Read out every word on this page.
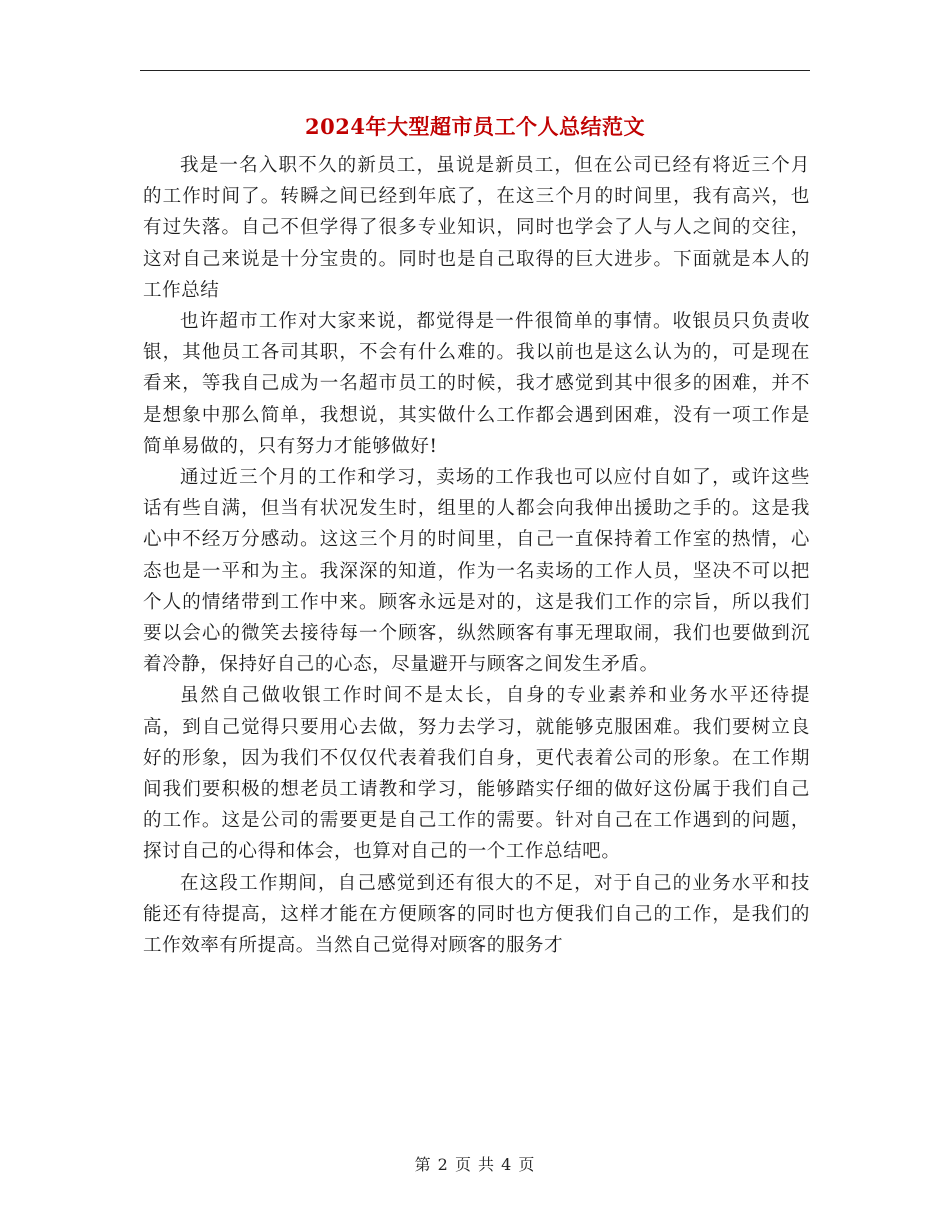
2024年大型超市员工个人总结范文

我是一名入职不久的新员工，虽说是新员工，但在公司已经有将近三个月的工作时间了。转瞬之间已经到年底了，在这三个月的时间里，我有高兴，也有过失落。自己不但学得了很多专业知识，同时也学会了人与人之间的交往，这对自己来说是十分宝贵的。同时也是自己取得的巨大进步。下面就是本人的工作总结

也许超市工作对大家来说，都觉得是一件很简单的事情。收银员只负责收银，其他员工各司其职，不会有什么难的。我以前也是这么认为的，可是现在看来，等我自己成为一名超市员工的时候，我才感觉到其中很多的困难，并不是想象中那么简单，我想说，其实做什么工作都会遇到困难，没有一项工作是简单易做的，只有努力才能够做好!

通过近三个月的工作和学习，卖场的工作我也可以应付自如了，或许这些话有些自满，但当有状况发生时，组里的人都会向我伸出援助之手的。这是我心中不经万分感动。这这三个月的时间里，自己一直保持着工作室的热情，心态也是一平和为主。我深深的知道，作为一名卖场的工作人员，坚决不可以把个人的情绪带到工作中来。顾客永远是对的，这是我们工作的宗旨，所以我们要以会心的微笑去接待每一个顾客，纵然顾客有事无理取闹，我们也要做到沉着冷静，保持好自己的心态，尽量避开与顾客之间发生矛盾。

虽然自己做收银工作时间不是太长，自身的专业素养和业务水平还待提高，到自己觉得只要用心去做，努力去学习，就能够克服困难。我们要树立良好的形象，因为我们不仅仅代表着我们自身，更代表着公司的形象。在工作期间我们要积极的想老员工请教和学习，能够踏实仔细的做好这份属于我们自己的工作。这是公司的需要更是自己工作的需要。针对自己在工作遇到的问题，探讨自己的心得和体会，也算对自己的一个工作总结吧。

在这段工作期间，自己感觉到还有很大的不足，对于自己的业务水平和技能还有待提高，这样才能在方便顾客的同时也方便我们自己的工作，是我们的工作效率有所提高。当然自己觉得对顾客的服务才

第 2 页 共 4 页
